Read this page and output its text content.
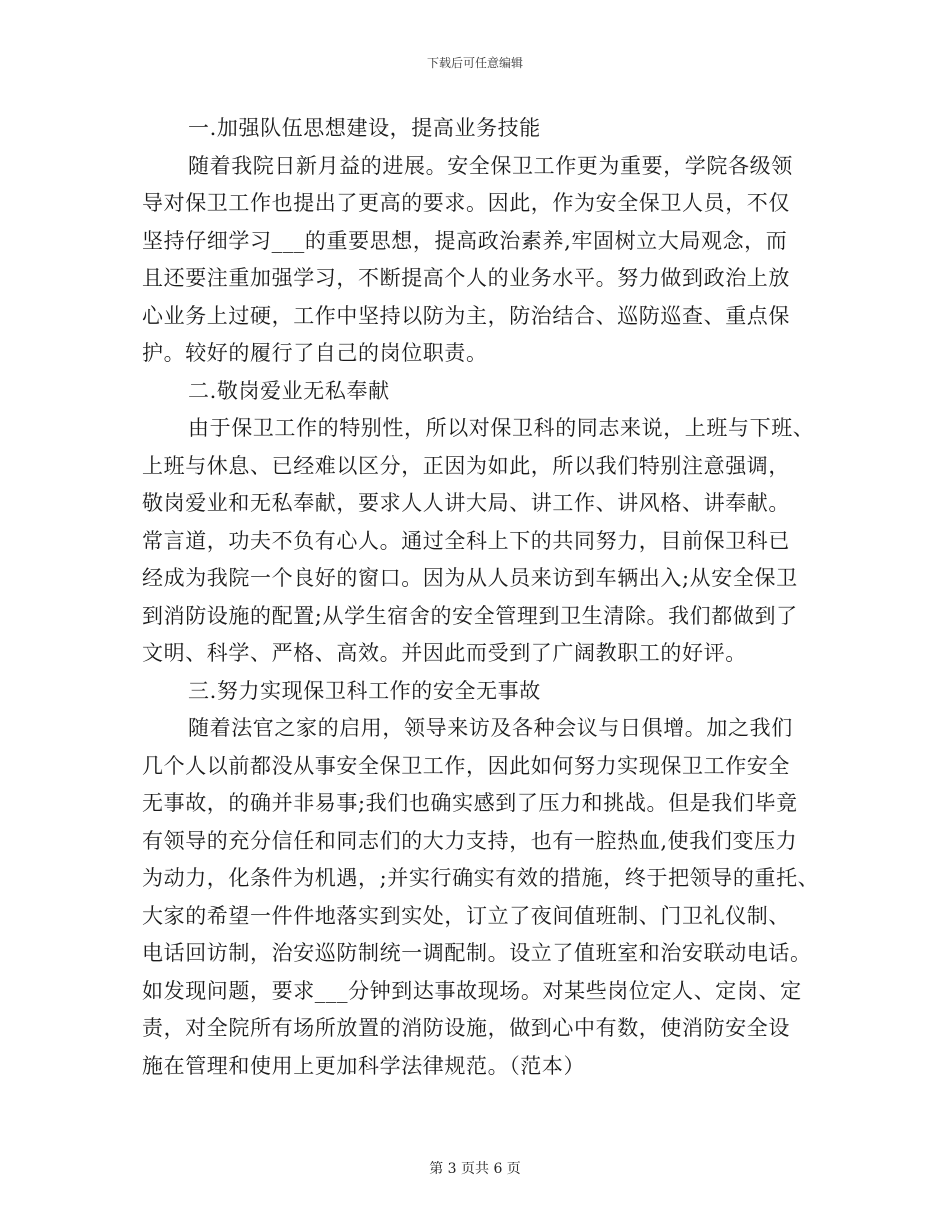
下载后可任意编辑
一.加强队伍思想建设，提高业务技能
随着我院日新月益的进展。安全保卫工作更为重要，学院各级领
导对保卫工作也提出了更高的要求。因此，作为安全保卫人员，不仅
坚持仔细学习___的重要思想，提高政治素养,牢固树立大局观念，而
且还要注重加强学习，不断提高个人的业务水平。努力做到政治上放
心业务上过硬，工作中坚持以防为主，防治结合、巡防巡查、重点保
护。较好的履行了自己的岗位职责。
二.敬岗爱业无私奉献
由于保卫工作的特别性，所以对保卫科的同志来说，上班与下班、
上班与休息、已经难以区分，正因为如此，所以我们特别注意强调，
敬岗爱业和无私奉献，要求人人讲大局、讲工作、讲风格、讲奉献。
常言道，功夫不负有心人。通过全科上下的共同努力，目前保卫科已
经成为我院一个良好的窗口。因为从人员来访到车辆出入;从安全保卫
到消防设施的配置;从学生宿舍的安全管理到卫生清除。我们都做到了
文明、科学、严格、高效。并因此而受到了广阔教职工的好评。
三.努力实现保卫科工作的安全无事故
随着法官之家的启用，领导来访及各种会议与日俱增。加之我们
几个人以前都没从事安全保卫工作，因此如何努力实现保卫工作安全
无事故，的确并非易事;我们也确实感到了压力和挑战。但是我们毕竟
有领导的充分信任和同志们的大力支持，也有一腔热血,使我们变压力
为动力，化条件为机遇，;并实行确实有效的措施，终于把领导的重托、
大家的希望一件件地落实到实处，订立了夜间值班制、门卫礼仪制、
电话回访制，治安巡防制统一调配制。设立了值班室和治安联动电话。
如发现问题，要求___分钟到达事故现场。对某些岗位定人、定岗、定
责，对全院所有场所放置的消防设施，做到心中有数，使消防安全设
施在管理和使用上更加科学法律规范。（范本）
第 3 页共 6 页
